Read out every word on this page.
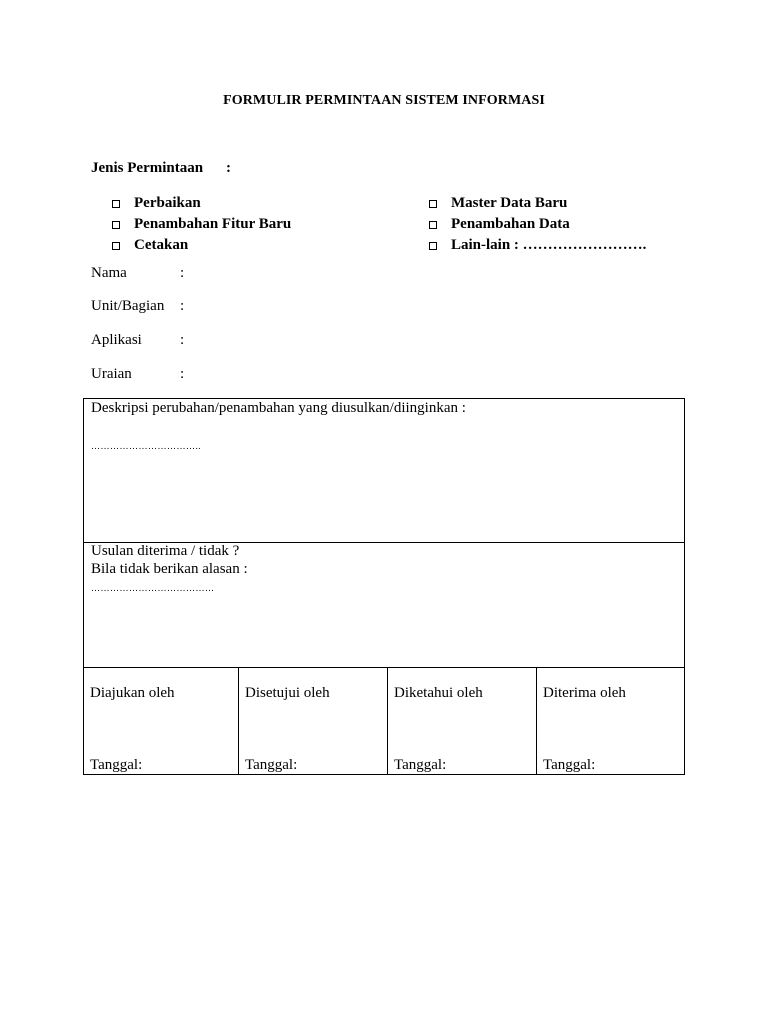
FORMULIR PERMINTAAN SISTEM INFORMASI
Jenis Permintaan :
Perbaikan
Penambahan Fitur Baru
Cetakan
Master Data Baru
Penambahan Data
Lain-lain : …………………….
Nama	:
Unit/Bagian :
Aplikasi	:
Uraian	:
Deskripsi perubahan/penambahan yang diusulkan/diinginkan :
……………………………..
Usulan diterima / tidak ?
Bila tidak berikan alasan :
…………………………………
Diajukan oleh
Tanggal:
Disetujui oleh
Tanggal:
Diketahui oleh
Tanggal:
Diterima oleh
Tanggal:
